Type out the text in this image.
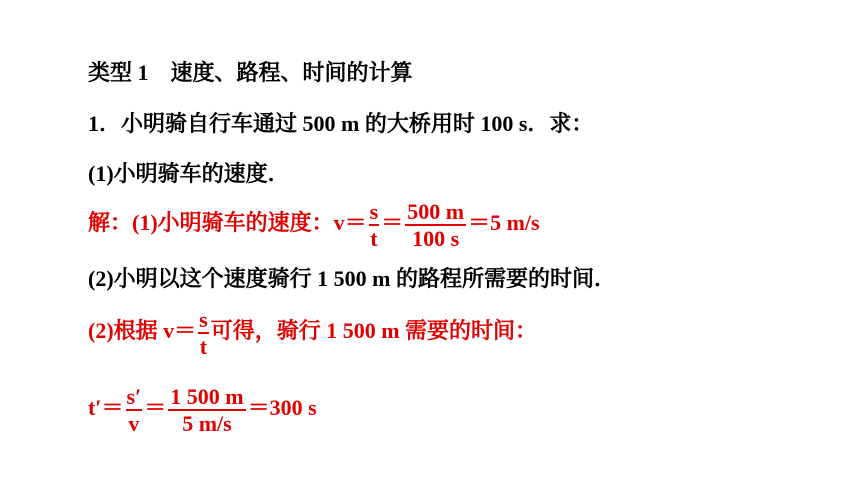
类型 1　速度、路程、时间的计算
1．小明骑自行车通过 500 m 的大桥用时 100 s．求：
(1)小明骑车的速度．
解：(1)小明骑车的速度：$v= \frac{s}{t} = \frac{500 m}{100 s} =5$ m/s
(2)小明以这个速度骑行 1 500 m 的路程所需要的时间．
(2)根据 $v= \frac{s}{t}$ 可得，骑行 1 500 m 需要的时间：
$t'= \frac{s'}{v} = \frac{1 500 m}{5 m/s} =300$ s
